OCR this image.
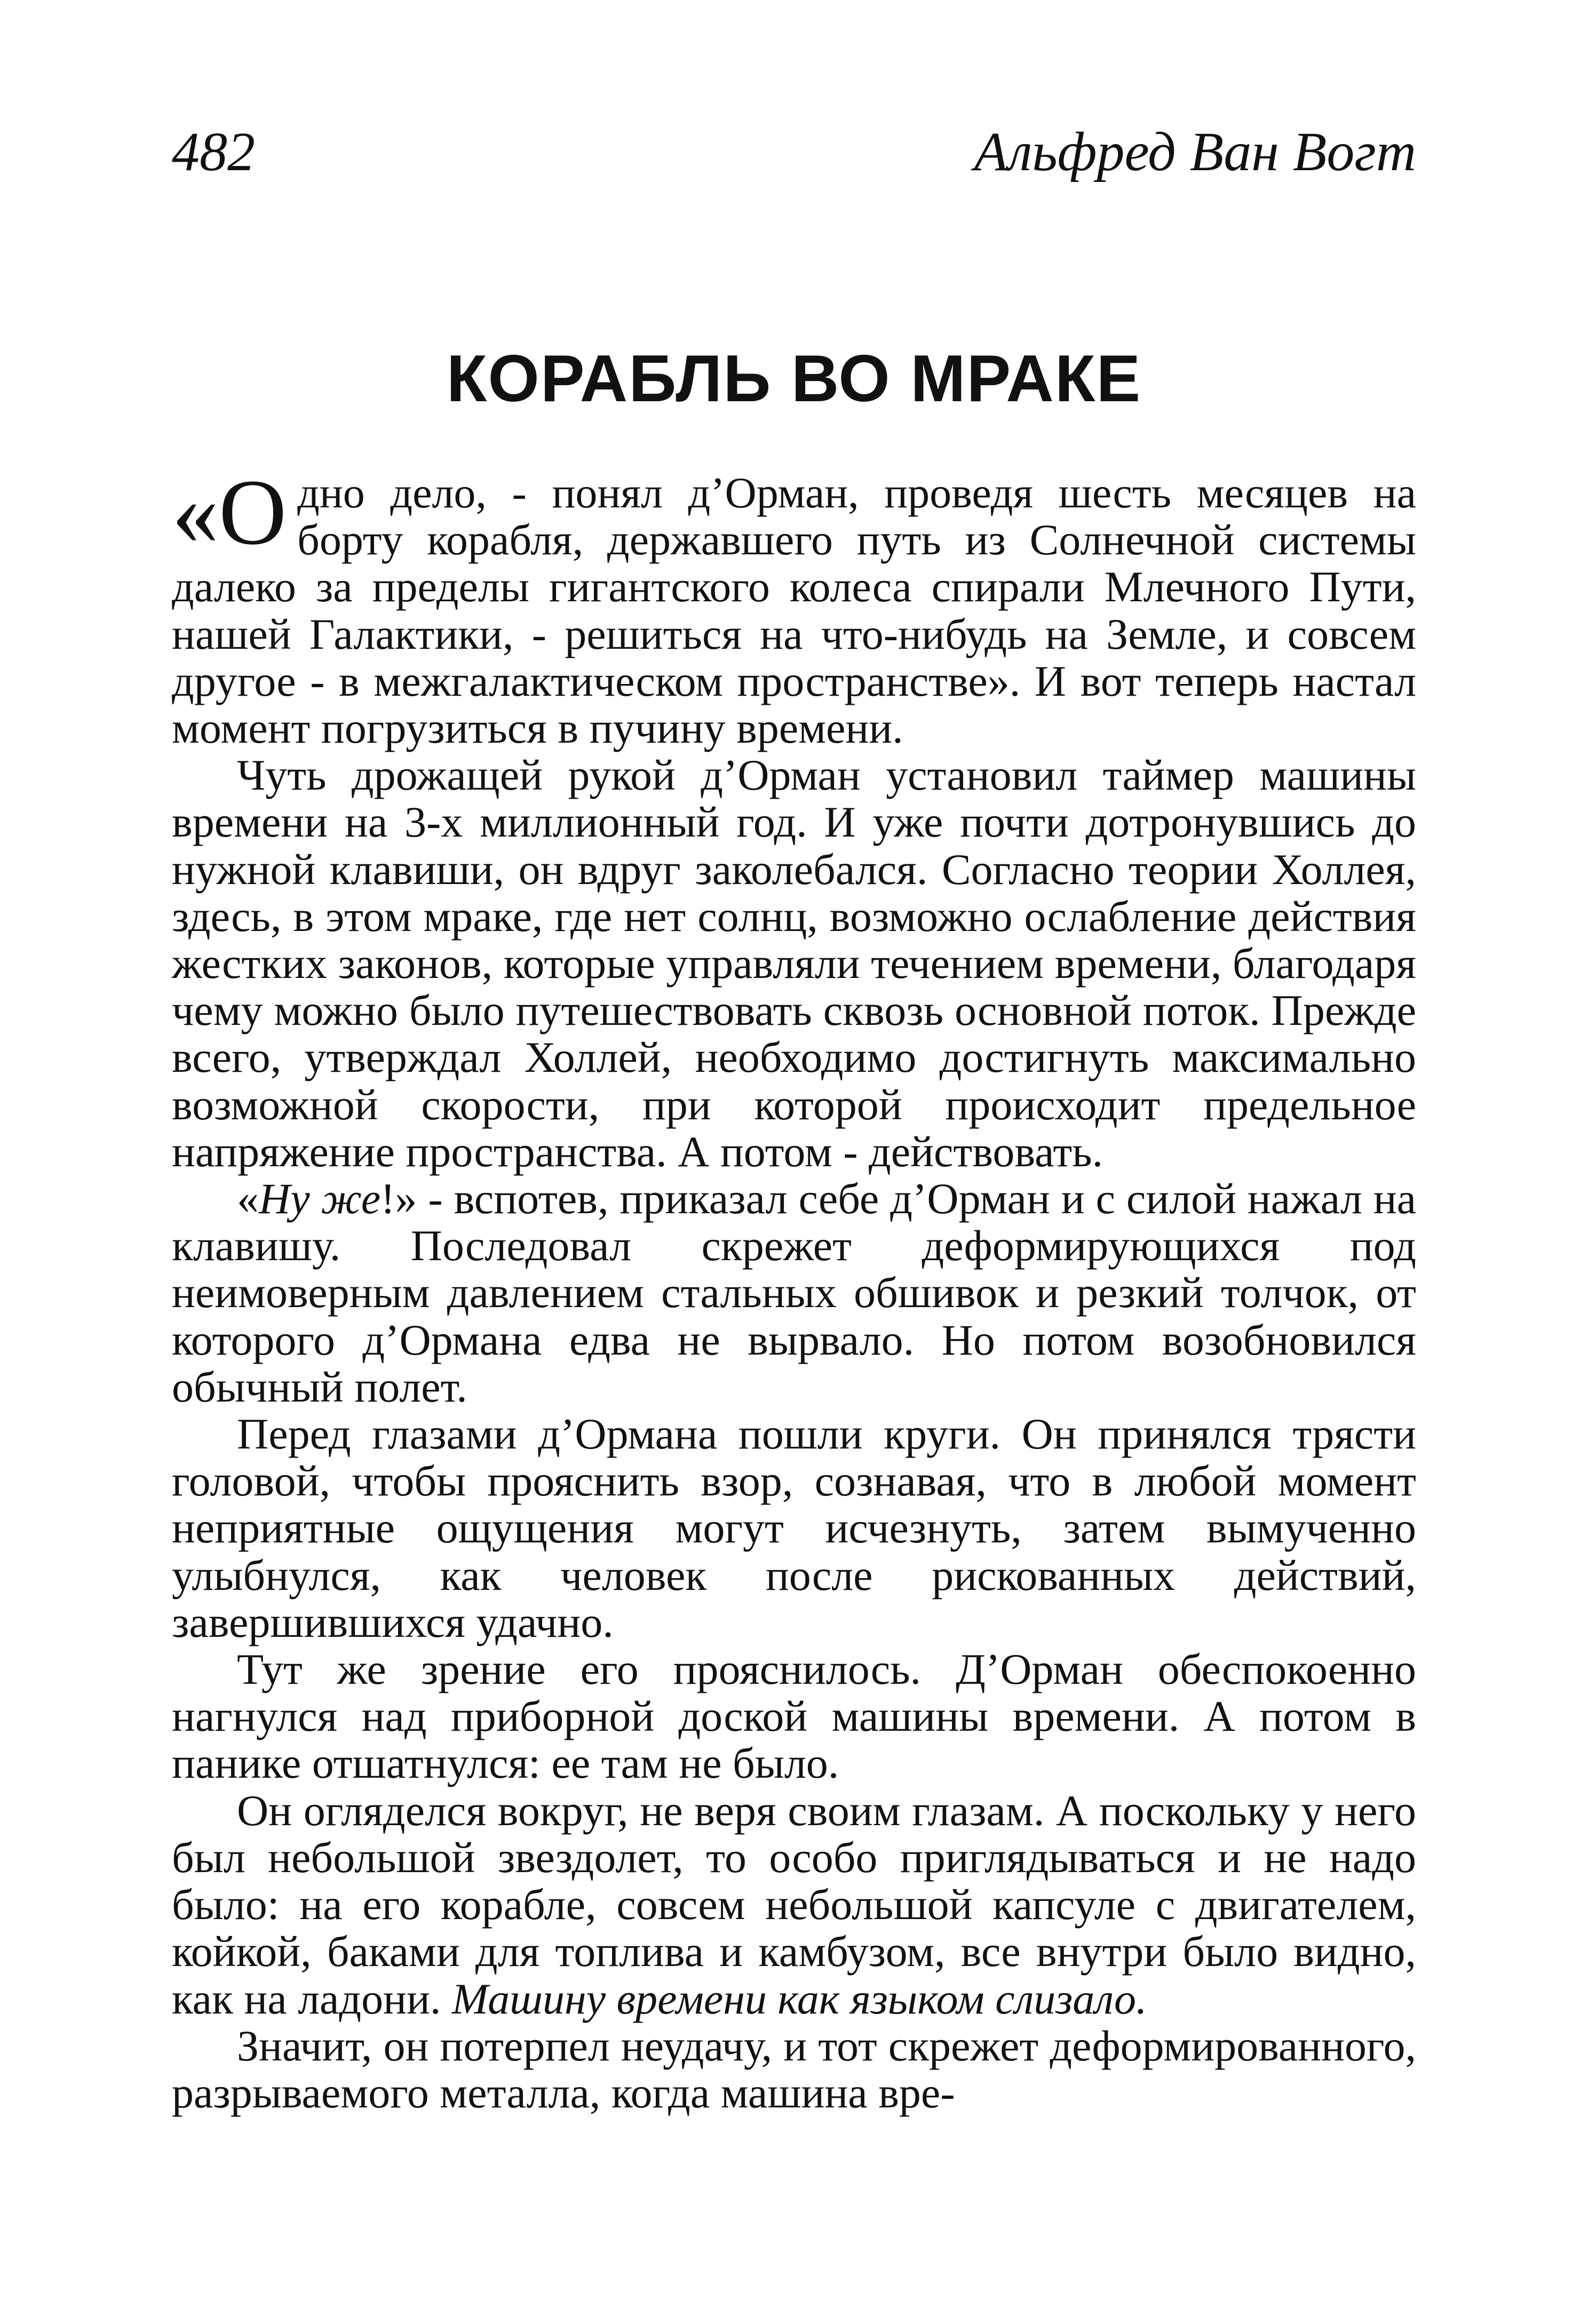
482	Альфред Ван Вогт
КОРАБЛЬ ВО МРАКЕ

«Одно дело, - понял д’Орман, проведя шесть месяцев на борту корабля, державшего путь из Солнечной системы далеко за пределы гигантского колеса спирали Млечного Пути, нашей Галактики, - решиться на что-нибудь на Земле, и совсем другое - в межгалактическом пространстве». И вот теперь настал момент погрузиться в пучину времени.

Чуть дрожащей рукой д’Орман установил таймер машины времени на 3-х миллионный год. И уже почти дотронувшись до нужной клавиши, он вдруг заколебался. Согласно теории Холлея, здесь, в этом мраке, где нет солнц, возможно ослабление действия жестких законов, которые управляли течением времени, благодаря чему можно было путешествовать сквозь основной поток. Прежде всего, утверждал Холлей, необходимо достигнуть максимально возможной скорости, при которой происходит предельное напряжение пространства. А потом - действовать.

«Ну же!» - вспотев, приказал себе д’Орман и с силой нажал на клавишу. Последовал скрежет деформирующихся под неимоверным давлением стальных обшивок и резкий толчок, от которого д’Ормана едва не вырвало. Но потом возобновился обычный полет.

Перед глазами д’Ормана пошли круги. Он принялся трясти головой, чтобы прояснить взор, сознавая, что в любой момент неприятные ощущения могут исчезнуть, затем вымученно улыбнулся, как человек после рискованных действий, завершившихся удачно.

Тут же зрение его прояснилось. Д’Орман обеспокоенно нагнулся над приборной доской машины времени. А потом в панике отшатнулся: ее там не было.

Он огляделся вокруг, не веря своим глазам. А поскольку у него был небольшой звездолет, то особо приглядываться и не надо было: на его корабле, совсем небольшой капсуле с двигателем, койкой, баками для топлива и камбузом, все внутри было видно, как на ладони. Машину времени как языком слизало.

Значит, он потерпел неудачу, и тот скрежет деформированного, разрываемого металла, когда машина вре-
